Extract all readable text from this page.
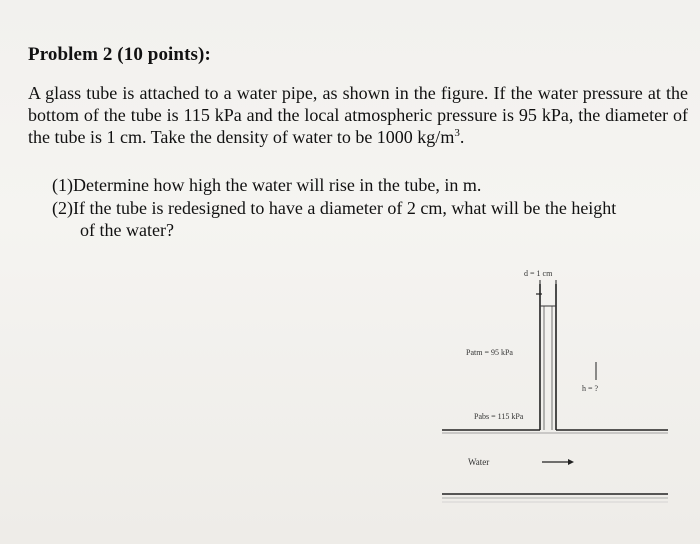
Problem 2 (10 points):
A glass tube is attached to a water pipe, as shown in the figure. If the water pressure at the bottom of the tube is 115 kPa and the local atmospheric pressure is 95 kPa, the diameter of the tube is 1 cm. Take the density of water to be 1000 $kg/m^3$.
(1)Determine how high the water will rise in the tube, in m.
(2)If the tube is redesigned to have a diameter of 2 cm, what will be the height
of the water?
d = 1 cm
Patm = 95 kPa
h = ?
Pabs = 115 kPa
Water
